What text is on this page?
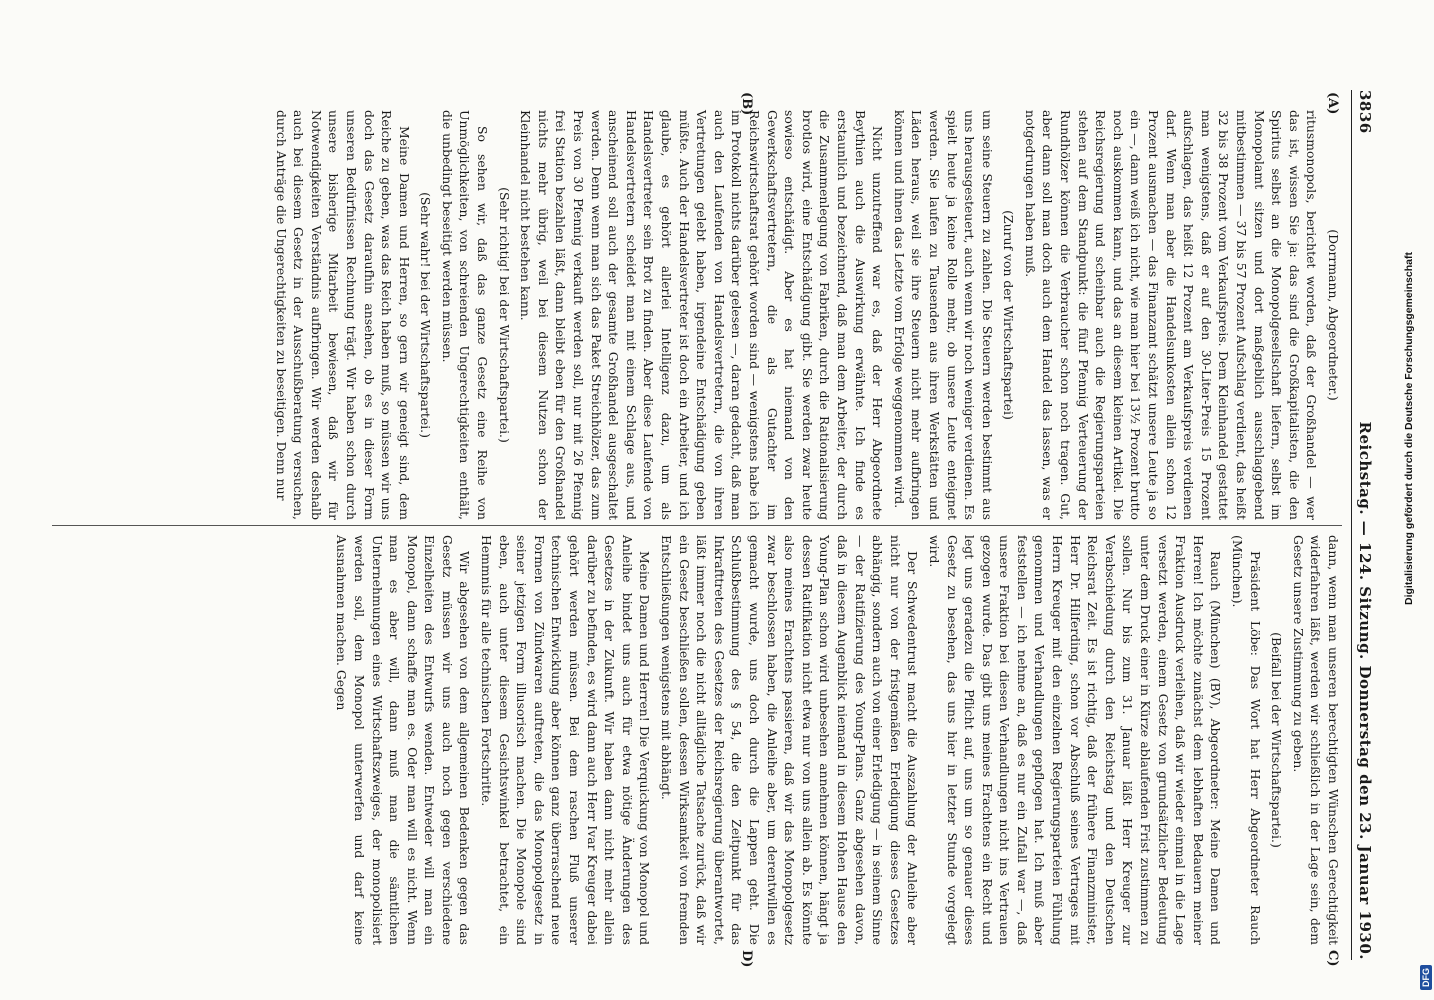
3836
Reichstag. — 124. Sitzung. Donnerstag den 23. Januar 1930.
(A)
(B)
C)
D)

(Dorrmann, Abgeordneter.)

ritusmonopols, berichtet worden, daß der Großhandel — wer das ist, wissen Sie ja: das sind die Großkapitalisten, die den Spiritus selbst an die Monopolgesellschaft liefern, selbst im Monopolamt sitzen und dort maßgeblich ausschlaggebend mitbestimmen — 37 bis 57 Prozent Aufschlag verdient, das heißt 32 bis 38 Prozent vom Verkaufspreis. Dem Kleinhandel gestattet man wenigstens, daß er auf den 30-Liter-Preis 15 Prozent aufschlagen, das heißt 12 Prozent am Verkaufspreis verdienen darf. Wenn man aber die Handelsunkosten allein schon 12 Prozent ausmachen — das Finanzamt schätzt unsere Leute ja so ein —, dann weiß ich nicht, wie man hier bei 13½ Prozent brutto noch auskommen kann, und das an diesem kleinen Artikel. Die Reichsregierung und scheinbar auch die Regierungsparteien stehen auf dem Standpunkt: die fünf Pfennig Verteuerung der Rundhölzer können die Verbraucher schon noch tragen. Gut, aber dann soll man doch auch dem Handel das lassen, was er notgedrungen haben muß.

(Zuruf von der Wirtschaftspartei)

um seine Steuern zu zahlen. Die Steuern werden bestimmt aus uns herausgesteuert, auch wenn wir noch weniger verdienen. Es spielt heute ja keine Rolle mehr, ob unsere Leute enteignet werden. Sie laufen zu Tausenden aus ihren Werkstätten und Läden heraus, weil sie ihre Steuern nicht mehr aufbringen können und ihnen das Letzte vom Erfolge weggenommen wird.

Nicht unzutreffend war es, daß der Herr Abgeordnete Beythien auch die Auswirkung erwähnte. Ich finde es erstaunlich und bezeichnend, daß man dem Arbeiter, der durch die Zusammenlegung von Fabriken, durch die Rationalisierung brotlos wird, eine Entschädigung gibt. Sie werden zwar heute sowieso entschädigt. Aber es hat niemand von den Gewerkschaftsvertretern, die als Gutachter im Reichswirtschaftsrat gehört worden sind — wenigstens habe ich im Protokoll nichts darüber gelesen —, daran gedacht, daß man auch den Laufenden von Handelsvertretern, die von ihren Vertretungen gelebt haben, irgendeine Entschädigung geben müßte. Auch der Handelsvertreter ist doch ein Arbeiter, und ich glaube, es gehört allerlei Intelligenz dazu, um als Handelsvertreter sein Brot zu finden. Aber diese Laufende von Handelsvertretern scheidet man mit einem Schlage aus, und anscheinend soll auch der gesamte Großhandel ausgeschaltet werden. Denn wenn man sich das Paket Streichhölzer, das zum Preis von 30 Pfennig verkauft werden soll, nur mit 26 Pfennig frei Station bezahlen läßt, dann bleibt eben für den Großhandel nichts mehr übrig, weil bei diesem Nutzen schon der Kleinhandel nicht bestehen kann.

(Sehr richtig! bei der Wirtschaftspartei.)

So sehen wir, daß das ganze Gesetz eine Reihe von Unmöglichkeiten, von schreienden Ungerechtigkeiten enthält, die unbedingt beseitigt werden müssen.

(Sehr wahr! bei der Wirtschaftspartei.)

Meine Damen und Herren, so gern wir geneigt sind, dem Reiche zu geben, was das Reich haben muß, so müssen wir uns doch das Gesetz daraufhin ansehen, ob es in dieser Form unseren Bedürfnissen Rechnung trägt. Wir haben schon durch unsere bisherige Mitarbeit bewiesen, daß wir für Notwendigkeiten Verständnis aufbringen. Wir werden deshalb auch bei diesem Gesetz in der Ausschußberatung versuchen, durch Anträge die Ungerechtigkeiten zu beseitigen. Denn nur

dann, wenn man unseren berechtigten Wünschen Gerechtigkeit widerfahren läßt, werden wir schließlich in der Lage sein, dem Gesetz unsere Zustimmung zu geben.

(Beifall bei der Wirtschaftspartei.)

Präsident Löbe: Das Wort hat Herr Abgeordneter Rauch (München).

Rauch (München) (BV), Abgeordneter: Meine Damen und Herren! Ich möchte zunächst dem lebhaften Bedauern meiner Fraktion Ausdruck verleihen, daß wir wieder einmal in die Lage versetzt werden, einem Gesetz von grundsätzlicher Bedeutung unter dem Druck einer in Kürze ablaufenden Frist zustimmen zu sollen. Nur bis zum 31. Januar läßt Herr Kreuger zur Verabschiedung durch den Reichstag und den Deutschen Reichsrat Zeit. Es ist richtig, daß der frühere Finanzminister, Herr Dr. Hilferding, schon vor Abschluß seines Vertrages mit Herrn Kreuger mit den einzelnen Regierungsparteien Fühlung genommen und Verhandlungen gepflogen hat. Ich muß aber feststellen — ich nehme an, daß es nur ein Zufall war —, daß unsere Fraktion bei diesen Verhandlungen nicht ins Vertrauen gezogen wurde. Das gibt uns meines Erachtens ein Recht und legt uns geradezu die Pflicht auf, uns um so genauer dieses Gesetz zu besehen, das uns hier in letzter Stunde vorgelegt wird.

Der Schwedentrust macht die Auszahlung der Anleihe aber nicht nur von der fristgemäßen Erledigung dieses Gesetzes abhängig, sondern auch von einer Erledigung — in seinem Sinne — der Ratifizierung des Young-Plans. Ganz abgesehen davon, daß in diesem Augenblick niemand in diesem Hohen Hause den Young-Plan schon wird unbesehen annehmen können, hängt ja dessen Ratifikation nicht etwa nur von uns allein ab. Es könnte also meines Erachtens passieren, daß wir das Monopolgesetz zwar beschlossen haben, die Anleihe aber, um derentwillen es gemacht wurde, uns doch durch die Lappen geht. Die Schlußbestimmung des § 54, die den Zeitpunkt für das Inkrafttreten des Gesetzes der Reichsregierung überantwortet, läßt immer noch die nicht alltägliche Tatsache zurück, daß wir ein Gesetz beschließen sollen, dessen Wirksamkeit von fremden Entschließungen wenigstens mit abhängt.

Meine Damen und Herren! Die Verquickung von Monopol und Anleihe bindet uns auch für etwa nötige Änderungen des Gesetzes in der Zukunft. Wir haben dann nicht mehr allein darüber zu befinden, es wird dann auch Herr Ivar Kreuger dabei gehört werden müssen. Bei dem raschen Fluß unserer technischen Entwicklung aber können ganz überraschend neue Formen von Zündwaren auftreten, die das Monopolgesetz in seiner jetzigen Form illusorisch machen. Die Monopole sind eben, auch unter diesem Gesichtswinkel betrachtet, ein Hemmnis für alle technischen Fortschritte.

Wir abgesehen von dem allgemeinen Bedenken gegen das Gesetz müssen wir uns auch noch gegen verschiedene Einzelheiten des Entwurfs wenden. Entweder will man ein Monopol, dann schaffe man es. Oder man will es nicht. Wenn man es aber will, dann muß man die sämtlichen Unternehmungen eines Wirtschaftszweiges, der monopolisiert werden soll, dem Monopol unterwerfen und darf keine Ausnahmen machen. Gegen

Digitalisierung gefördert durch die Deutsche Forschungsgemeinschaft
DFG
